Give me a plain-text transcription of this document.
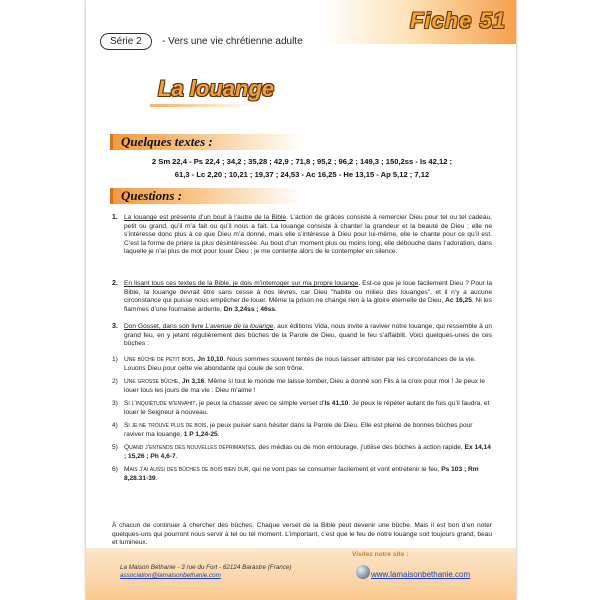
Fiche 51
Série 2	- Vers une vie chrétienne adulte
La louange
Quelques textes :
2 Sm 22,4 - Ps 22,4 ; 34,2 ; 35,28 ; 42,9 ; 71,8 ; 95,2 ; 96,2 ; 149,3 ; 150,2ss - Is 42,12 ;
61,3 - Lc 2,20 ; 10,21 ; 19,37 ; 24,53 - Ac 16,25 - He 13,15 - Ap 5,12 ; 7,12
Questions :
1. La louange est présente d’un bout à l’autre de la Bible. L’action de grâces consiste à remercier Dieu pour tel ou tel cadeau, petit ou grand, qu’il m’a fait ou qu’il nous a fait. La louange consiste à chanter la grandeur et la beauté de Dieu ; elle ne s’intéresse donc plus à ce que Dieu m’a donné, mais elle s’intéresse à Dieu pour lui-même, elle le chante pour ce qu’il est. C’est la forme de prière la plus désintéressée. Au bout d’un moment plus ou moins long, elle débouche dans l’adoration, dans laquelle je n’ai plus de mot pour louer Dieu ; je me contente alors de le contempler en silence.
2. En lisant tous ces textes de la Bible, je dois m’interroger sur ma propre louange. Est-ce que je loue facilement Dieu ? Pour la Bible, la louange devrait être sans cesse à nos lèvres, car Dieu "habite ou milieu des louanges", et il n’y a aucune circonstance qui puisse nous empêcher de louer. Même la prison ne change rien à la gloire éternelle de Dieu, Ac 16,25. Ni les flammes d’une fournaise ardente, Dn 3,24ss ; 46ss.
3. Don Gosset, dans son livre L’avenue de la louange, aux éditions Vida, nous invite à raviver notre louange, qui ressemble à un grand feu, en y jetant régulièrement des bûches de la Parole de Dieu, quand le feu s’affaiblit. Voici quelques-unes de ces bûches :
1) Une bûche de petit bois, Jn 10,10. Nous sommes souvent tentés de nous laisser attrister par les circonstances de la vie. Louons Dieu pour cette vie abondante qui coule de son trône.
2) Une grosse bûche, Jn 3,16. Même si tout le monde me laisse tomber, Dieu a donné son Fils à la croix pour moi ! Je peux le louer tous les jours de ma vie : Dieu m’aime !
3) Si l’inquiétude m’envahit, je peux la chasser avec ce simple verset d’Is 41,10. Je peux le répéter autant de fois qu’il faudra, et louer le Seigneur à nouveau.
4) Si je ne trouve plus de bois, je peux puiser sans hésiter dans la Parole de Dieu. Elle est pleine de bonnes bûches pour raviver ma louange, 1 P 1,24-25.
5) Quand j’entends des nouvelles déprimantes, des médias ou de mon entourage, j’utilise des bûches à action rapide, Ex 14,14 ; 15,26 ; Ph 4,6-7.
6) Mais j’ai aussi des bûches de bois bien dur, qui ne vont pas se consumer facilement et vont entretenir le feu, Ps 103 ; Rm 8,28.31-39.
À chacun de continuer à chercher des bûches. Chaque verset de la Bible peut devenir une bûche. Mais il est bon d’en noter quelques-uns qui pourront nous servir à tel ou tel moment. L’important, c’est que le feu de notre louange soit toujours grand, beau et lumineux.
La Maison Béthanie - 3 rue du Fort - 62124 Barastre (France)
association@lamaisonbethanie.com
Visitez notre site :
www.lamaisonbethanie.com
